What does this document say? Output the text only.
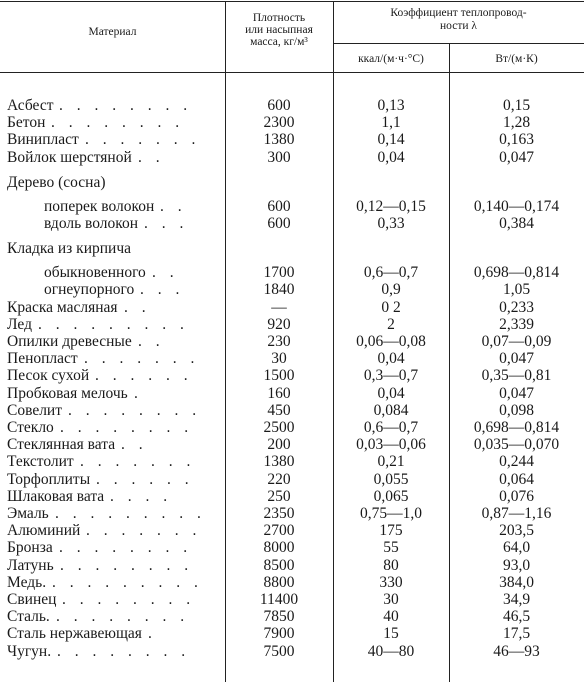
Материал
Плотность
или насыпная
масса, кг/м³
Коэффициент теплопровод-
ности λ
ккал/(м·ч·°С)	Вт/(м·К)
Асбест . . . . . . . .	600	0,13	0,15
Бетон . . . . . . . .	2300	1,1	1,28
Винипласт . . . . . . .	1380	0,14	0,163
Войлок шерстяной . .	300	0,04	0,047
Дерево (сосна)
поперек волокон . .	600	0,12—0,15	0,140—0,174
вдоль волокон . . .	600	0,33	0,384
Кладка из кирпича
обыкновенного . .	1700	0,6—0,7	0,698—0,814
огнеупорного . . .	1840	0,9	1,05
Краска масляная . .	—	0 2	0,233
Лед . . . . . . . . .	920	2	2,339
Опилки древесные . .	230	0,06—0,08	0,07—0,09
Пенопласт . . . . . . .	30	0,04	0,047
Песок сухой . . . . . .	1500	0,3—0,7	0,35—0,81
Пробковая мелочь .	160	0,04	0,047
Совелит . . . . . . . .	450	0,084	0,098
Стекло . . . . . . . .	2500	0,6—0,7	0,698—0,814
Стеклянная вата . .	200	0,03—0,06	0,035—0,070
Текстолит . . . . . . .	1380	0,21	0,244
Торфоплиты . . . . . .	220	0,055	0,064
Шлаковая вата . . . .	250	0,065	0,076
Эмаль . . . . . . . . .	2350	0,75—1,0	0,87—1,16
Алюминий . . . . . . .	2700	175	203,5
Бронза . . . . . . . .	8000	55	64,0
Латунь . . . . . . . .	8500	80	93,0
Медь. . . . . . . . . .	8800	330	384,0
Свинец . . . . . . . .	11400	30	34,9
Сталь. . . . . . . . .	7850	40	46,5
Сталь нержавеющая .	7900	15	17,5
Чугун. . . . . . . . .	7500	40—80	46—93
